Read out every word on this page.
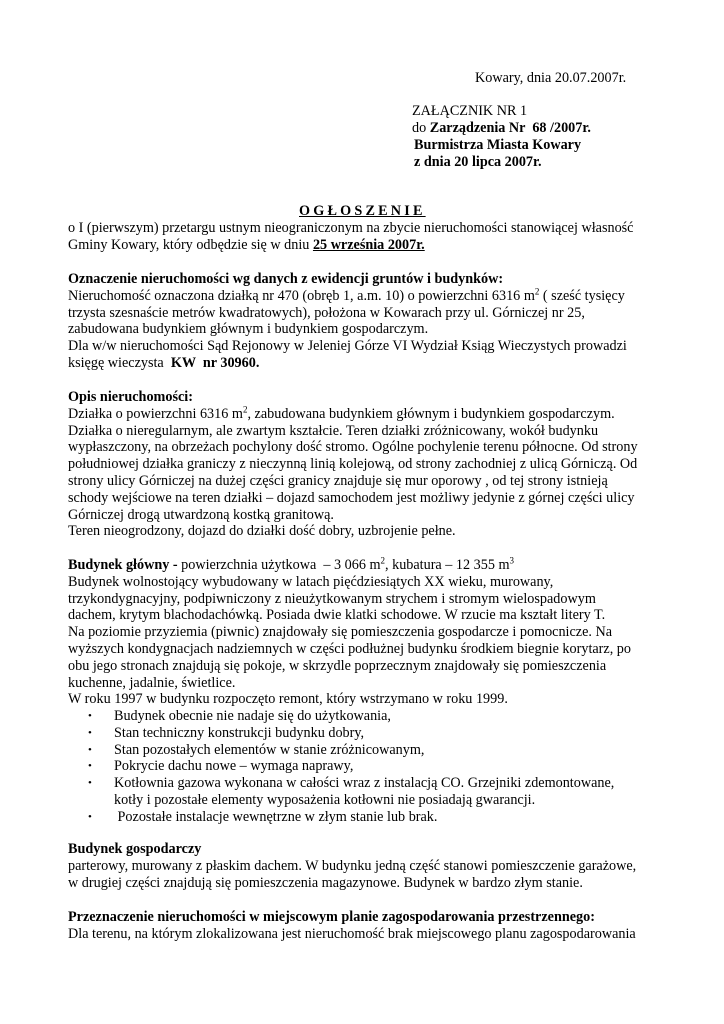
Kowary, dnia 20.07.2007r.
ZAŁĄCZNIK NR 1
do Zarządzenia Nr  68 /2007r.
Burmistrza Miasta Kowary
z dnia 20 lipca 2007r.
OGŁOSZENIE
o I (pierwszym) przetargu ustnym nieograniczonym na zbycie nieruchomości stanowiącej własność
Gminy Kowary, który odbędzie się w dniu 25 września 2007r.
Oznaczenie nieruchomości wg danych z ewidencji gruntów i budynków:
Nieruchomość oznaczona działką nr 470 (obręb 1, a.m. 10) o powierzchni 6316 $m^2$ ( sześć tysięcy
trzysta szesnaście metrów kwadratowych), położona w Kowarach przy ul. Górniczej nr 25,
zabudowana budynkiem głównym i budynkiem gospodarczym.
Dla w/w nieruchomości Sąd Rejonowy w Jeleniej Górze VI Wydział Ksiąg Wieczystych prowadzi
księgę wieczysta  KW  nr 30960.
Opis nieruchomości:
Działka o powierzchni 6316 $m^2$, zabudowana budynkiem głównym i budynkiem gospodarczym.
Działka o nieregularnym, ale zwartym kształcie. Teren działki zróżnicowany, wokół budynku
wypłaszczony, na obrzeżach pochylony dość stromo. Ogólne pochylenie terenu północne. Od strony
południowej działka graniczy z nieczynną linią kolejową, od strony zachodniej z ulicą Górniczą. Od
strony ulicy Górniczej na dużej części granicy znajduje się mur oporowy , od tej strony istnieją
schody wejściowe na teren działki – dojazd samochodem jest możliwy jedynie z górnej części ulicy
Górniczej drogą utwardzoną kostką granitową.
Teren nieogrodzony, dojazd do działki dość dobry, uzbrojenie pełne.
Budynek główny - powierzchnia użytkowa  – 3 066 $m^2$, kubatura – 12 355 $m^3$
Budynek wolnostojący wybudowany w latach pięćdziesiątych XX wieku, murowany,
trzykondygnacyjny, podpiwniczony z nieużytkowanym strychem i stromym wielospadowym
dachem, krytym blachodachówką. Posiada dwie klatki schodowe. W rzucie ma kształt litery T.
Na poziomie przyziemia (piwnic) znajdowały się pomieszczenia gospodarcze i pomocnicze. Na
wyższych kondygnacjach nadziemnych w części podłużnej budynku środkiem biegnie korytarz, po
obu jego stronach znajdują się pokoje, w skrzydle poprzecznym znajdowały się pomieszczenia
kuchenne, jadalnie, świetlice.
W roku 1997 w budynku rozpoczęto remont, który wstrzymano w roku 1999.
• Budynek obecnie nie nadaje się do użytkowania,
• Stan techniczny konstrukcji budynku dobry,
• Stan pozostałych elementów w stanie zróżnicowanym,
• Pokrycie dachu nowe – wymaga naprawy,
• Kotłownia gazowa wykonana w całości wraz z instalacją CO. Grzejniki zdemontowane,
kotły i pozostałe elementy wyposażenia kotłowni nie posiadają gwarancji.
• Pozostałe instalacje wewnętrzne w złym stanie lub brak.
Budynek gospodarczy
parterowy, murowany z płaskim dachem. W budynku jedną część stanowi pomieszczenie garażowe,
w drugiej części znajdują się pomieszczenia magazynowe. Budynek w bardzo złym stanie.
Przeznaczenie nieruchomości w miejscowym planie zagospodarowania przestrzennego:
Dla terenu, na którym zlokalizowana jest nieruchomość brak miejscowego planu zagospodarowania
